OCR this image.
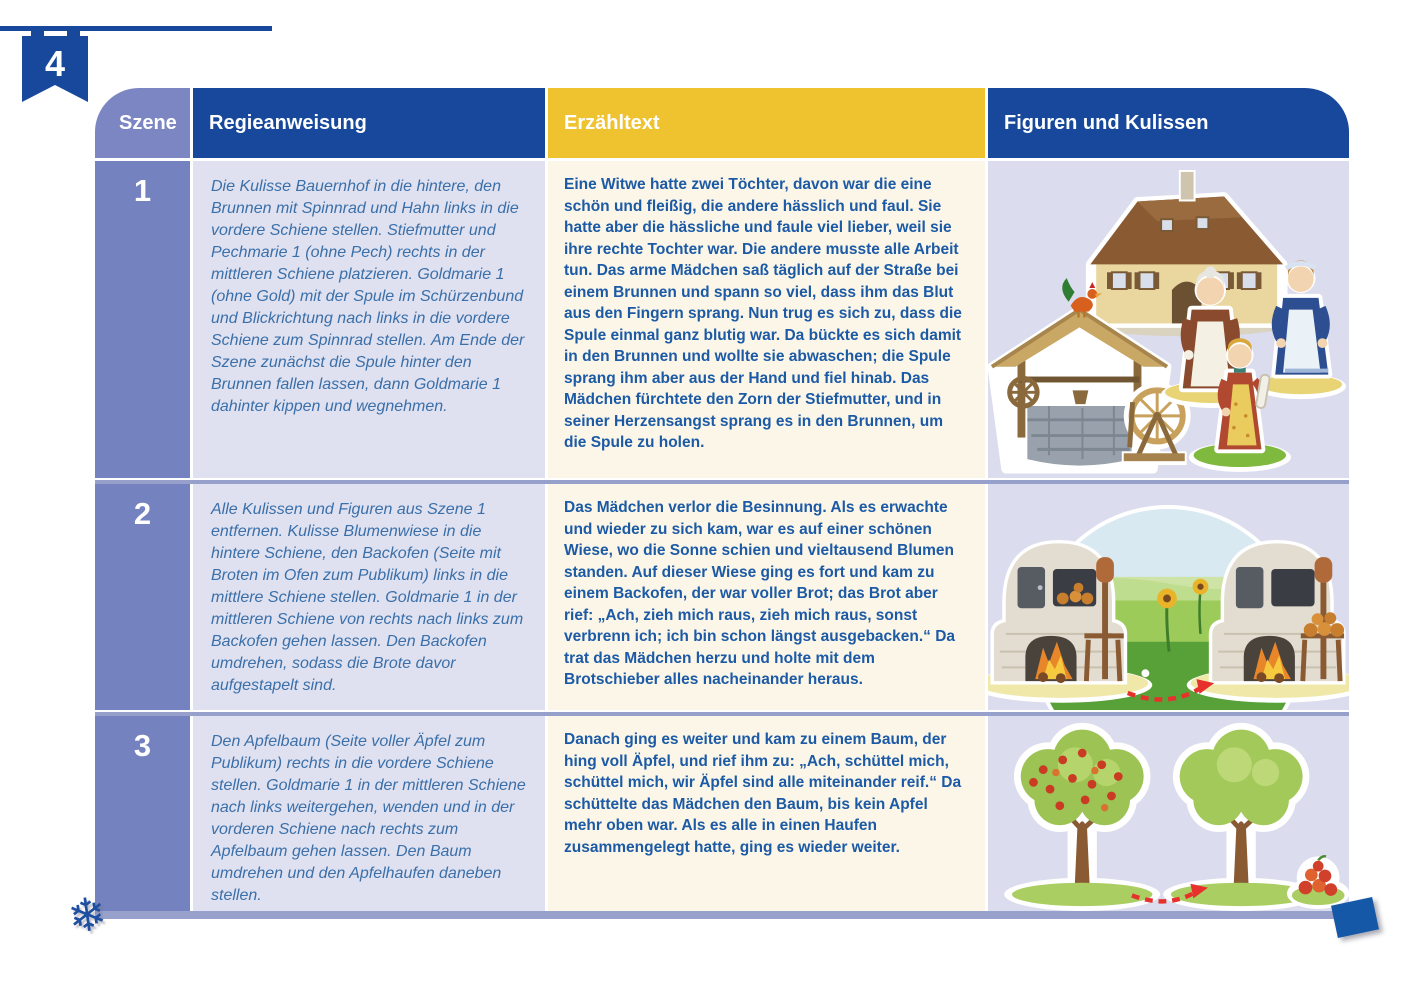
4
Szene Regieanweisung	Erzähltext	Figuren und Kulissen
1	Die Kulisse Bauernhof in die hintere, den Brunnen mit Spinnrad und Hahn links in die vordere Schiene stellen. Stiefmutter und Pechmarie 1 (ohne Pech) rechts in der mittleren Schiene platzieren. Goldmarie 1 (ohne Gold) mit der Spule im Schürzenbund und Blickrichtung nach links in die vordere Schiene zum Spinnrad stellen. Am Ende der Szene zunächst die Spule hinter den Brunnen fallen lassen, dann Goldmarie 1 dahinter kippen und wegnehmen.
Eine Witwe hatte zwei Töchter, davon war die eine schön und fleißig, die andere hässlich und faul. Sie hatte aber die hässliche und faule viel lieber, weil sie ihre rechte Tochter war. Die andere musste alle Arbeit tun. Das arme Mädchen saß täglich auf der Straße bei einem Brunnen und spann so viel, dass ihm das Blut aus den Fingern sprang. Nun trug es sich zu, dass die Spule einmal ganz blutig war. Da bückte es sich damit in den Brunnen und wollte sie abwaschen; die Spule sprang ihm aber aus der Hand und fiel hinab. Das Mädchen fürchtete den Zorn der Stiefmutter, und in seiner Herzensangst sprang es in den Brunnen, um die Spule zu holen.
2	Alle Kulissen und Figuren aus Szene 1 entfernen. Kulisse Blumenwiese in die hintere Schiene, den Backofen (Seite mit Broten im Ofen zum Publikum) links in die mittlere Schiene stellen. Goldmarie 1 in der mittleren Schiene von rechts nach links zum Backofen gehen lassen. Den Backofen umdrehen, sodass die Brote davor aufgestapelt sind.
Das Mädchen verlor die Besinnung. Als es erwachte und wieder zu sich kam, war es auf einer schönen Wiese, wo die Sonne schien und vieltausend Blumen standen. Auf dieser Wiese ging es fort und kam zu einem Backofen, der war voller Brot; das Brot aber rief: „Ach, zieh mich raus, zieh mich raus, sonst verbrenn ich; ich bin schon längst ausgebacken.“ Da trat das Mädchen herzu und holte mit dem Brotschieber alles nacheinander heraus.
3	Den Apfelbaum (Seite voller Äpfel zum Publikum) rechts in die vordere Schiene stellen. Goldmarie 1 in der mittleren Schiene nach links weitergehen, wenden und in der vorderen Schiene nach rechts zum Apfelbaum gehen lassen. Den Baum umdrehen und den Apfelhaufen daneben stellen.
Danach ging es weiter und kam zu einem Baum, der hing voll Äpfel, und rief ihm zu: „Ach, schüttel mich, schüttel mich, wir Äpfel sind alle miteinander reif.“ Da schüttelte das Mädchen den Baum, bis kein Apfel mehr oben war. Als es alle in einen Haufen zusammengelegt hatte, ging es wieder weiter.
❄
